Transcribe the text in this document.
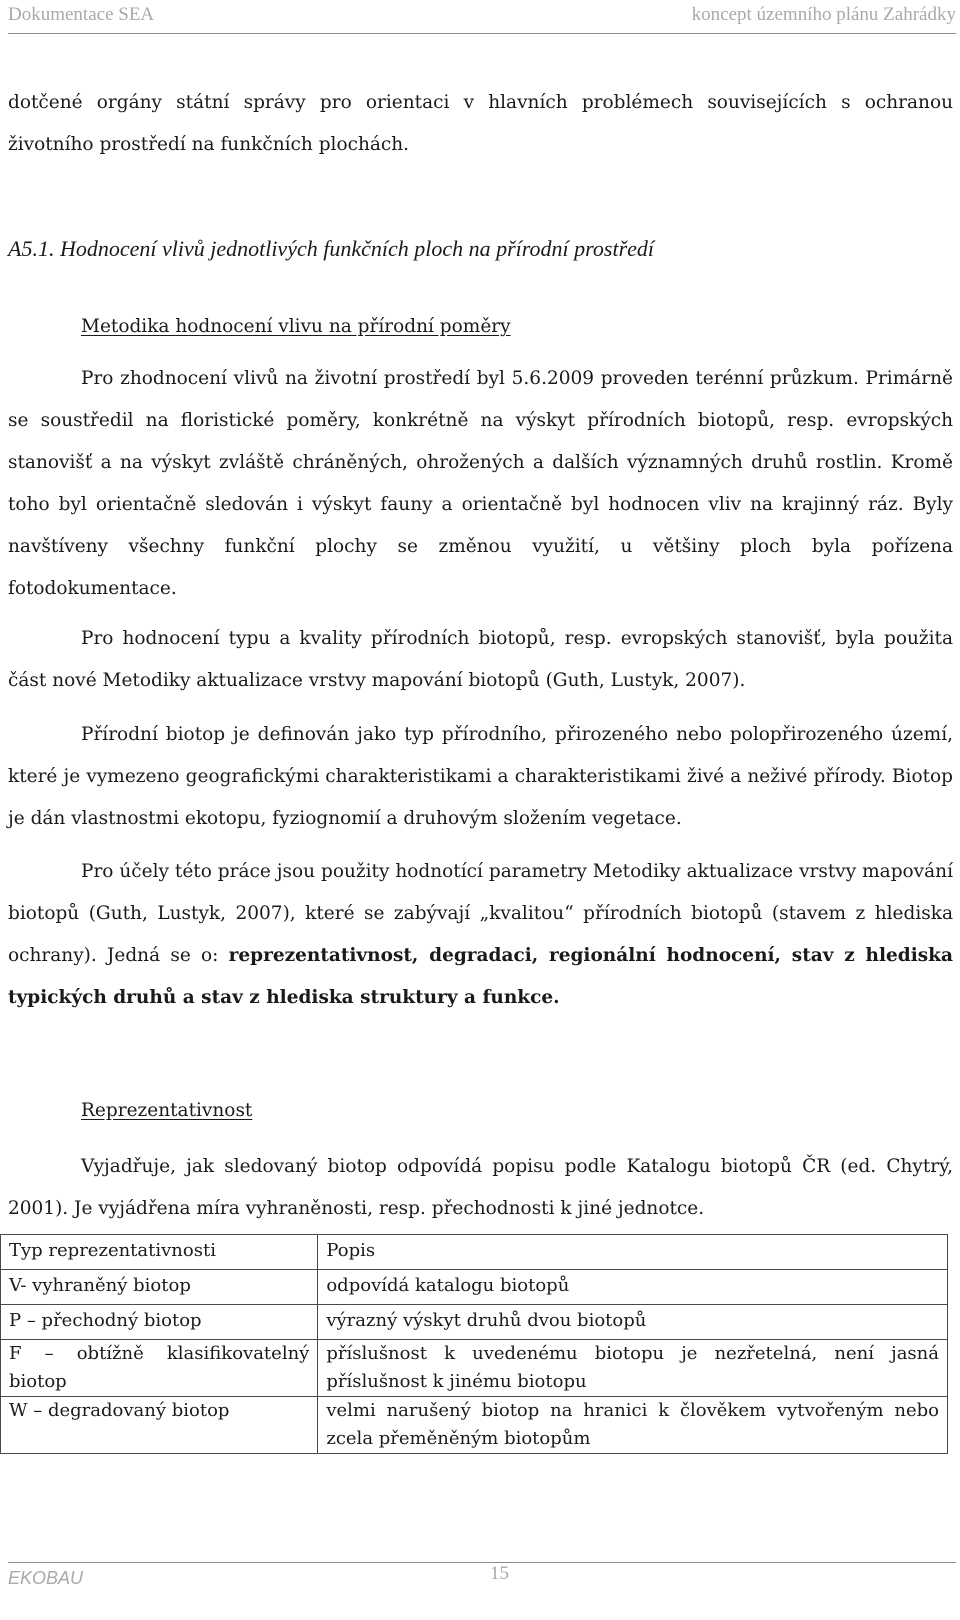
Dokumentace SEA	koncept územního plánu Zahrádky
dotčené orgány státní správy pro orientaci v hlavních problémech souvisejících s ochranou životního prostředí na funkčních plochách.
A5.1. Hodnocení vlivů jednotlivých funkčních ploch na přírodní prostředí
Metodika hodnocení vlivu na přírodní poměry
Pro zhodnocení vlivů na životní prostředí byl 5.6.2009 proveden terénní průzkum. Primárně se soustředil na floristické poměry, konkrétně na výskyt přírodních biotopů, resp. evropských stanovišť a na výskyt zvláště chráněných, ohrožených a dalších významných druhů rostlin. Kromě toho byl orientačně sledován i výskyt fauny a orientačně byl hodnocen vliv na krajinný ráz. Byly navštíveny všechny funkční plochy se změnou využití, u většiny ploch byla pořízena fotodokumentace.
Pro hodnocení typu a kvality přírodních biotopů, resp. evropských stanovišť, byla použita část nové Metodiky aktualizace vrstvy mapování biotopů (Guth, Lustyk, 2007).
Přírodní biotop je definován jako typ přírodního, přirozeného nebo polopřirozeného území, které je vymezeno geografickými charakteristikami a charakteristikami živé a neživé přírody. Biotop je dán vlastnostmi ekotopu, fyziognomií a druhovým složením vegetace.
Pro účely této práce jsou použity hodnotící parametry Metodiky aktualizace vrstvy mapování biotopů (Guth, Lustyk, 2007), které se zabývají „kvalitou“ přírodních biotopů (stavem z hlediska ochrany). Jedná se o: reprezentativnost, degradaci, regionální hodnocení, stav z hlediska typických druhů a stav z hlediska struktury a funkce.
Reprezentativnost
Vyjadřuje, jak sledovaný biotop odpovídá popisu podle Katalogu biotopů ČR (ed. Chytrý, 2001). Je vyjádřena míra vyhraněnosti, resp. přechodnosti k jiné jednotce.
Typ reprezentativnosti	Popis
V- vyhraněný biotop	odpovídá katalogu biotopů
P – přechodný biotop	výrazný výskyt druhů dvou biotopů
F – obtížně klasifikovatelný biotop	příslušnost k uvedenému biotopu je nezřetelná, není jasná příslušnost k jinému biotopu
W – degradovaný biotop	velmi narušený biotop na hranici k člověkem vytvořeným nebo zcela přeměněným biotopům
EKOBAU	15
